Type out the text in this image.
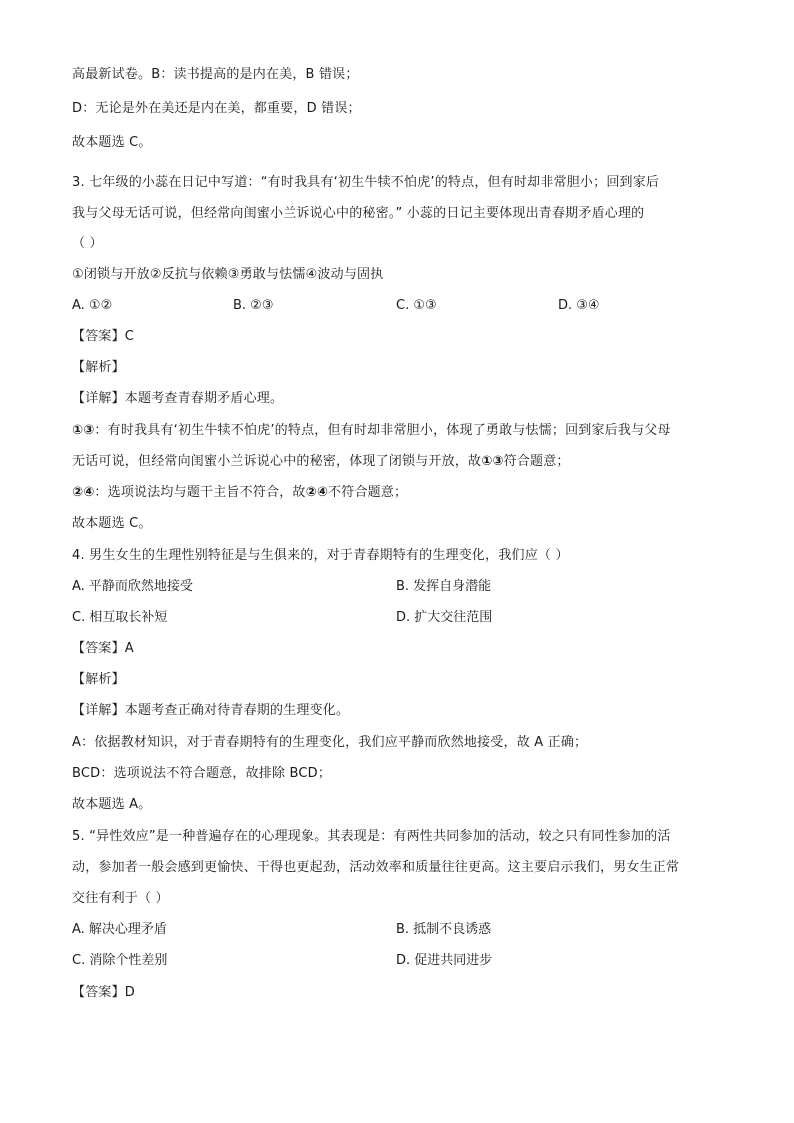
高最新试卷。B：读书提高的是内在美，B 错误；
D：无论是外在美还是内在美，都重要，D 错误；
故本题选 C。
3. 七年级的小蕊在日记中写道：“有时我具有‘初生牛犊不怕虎’的特点，但有时却非常胆小；回到家后
我与父母无话可说，但经常向闺蜜小兰诉说心中的秘密。” 小蕊的日记主要体现出青春期矛盾心理的
（ ）
①闭锁与开放②反抗与依赖③勇敢与怯懦④波动与固执
A. ①②	B. ②③	C. ①③	D. ③④
【答案】C
【解析】
【详解】本题考查青春期矛盾心理。
①③：有时我具有‘初生牛犊不怕虎’的特点，但有时却非常胆小，体现了勇敢与怯懦；回到家后我与父母
无话可说，但经常向闺蜜小兰诉说心中的秘密，体现了闭锁与开放，故①③符合题意；
②④：选项说法均与题干主旨不符合，故②④不符合题意；
故本题选 C。
4. 男生女生的生理性别特征是与生俱来的，对于青春期特有的生理变化，我们应（ ）
A. 平静而欣然地接受	B. 发挥自身潜能
C. 相互取长补短	D. 扩大交往范围
【答案】A
【解析】
【详解】本题考查正确对待青春期的生理变化。
A：依据教材知识，对于青春期特有的生理变化，我们应平静而欣然地接受，故 A 正确；
BCD：选项说法不符合题意，故排除 BCD；
故本题选 A。
5. “异性效应”是一种普遍存在的心理现象。其表现是：有两性共同参加的活动，较之只有同性参加的活
动，参加者一般会感到更愉快、干得也更起劲，活动效率和质量往往更高。这主要启示我们，男女生正常
交往有利于（ ）
A. 解决心理矛盾	B. 抵制不良诱惑
C. 消除个性差别	D. 促进共同进步
【答案】D
